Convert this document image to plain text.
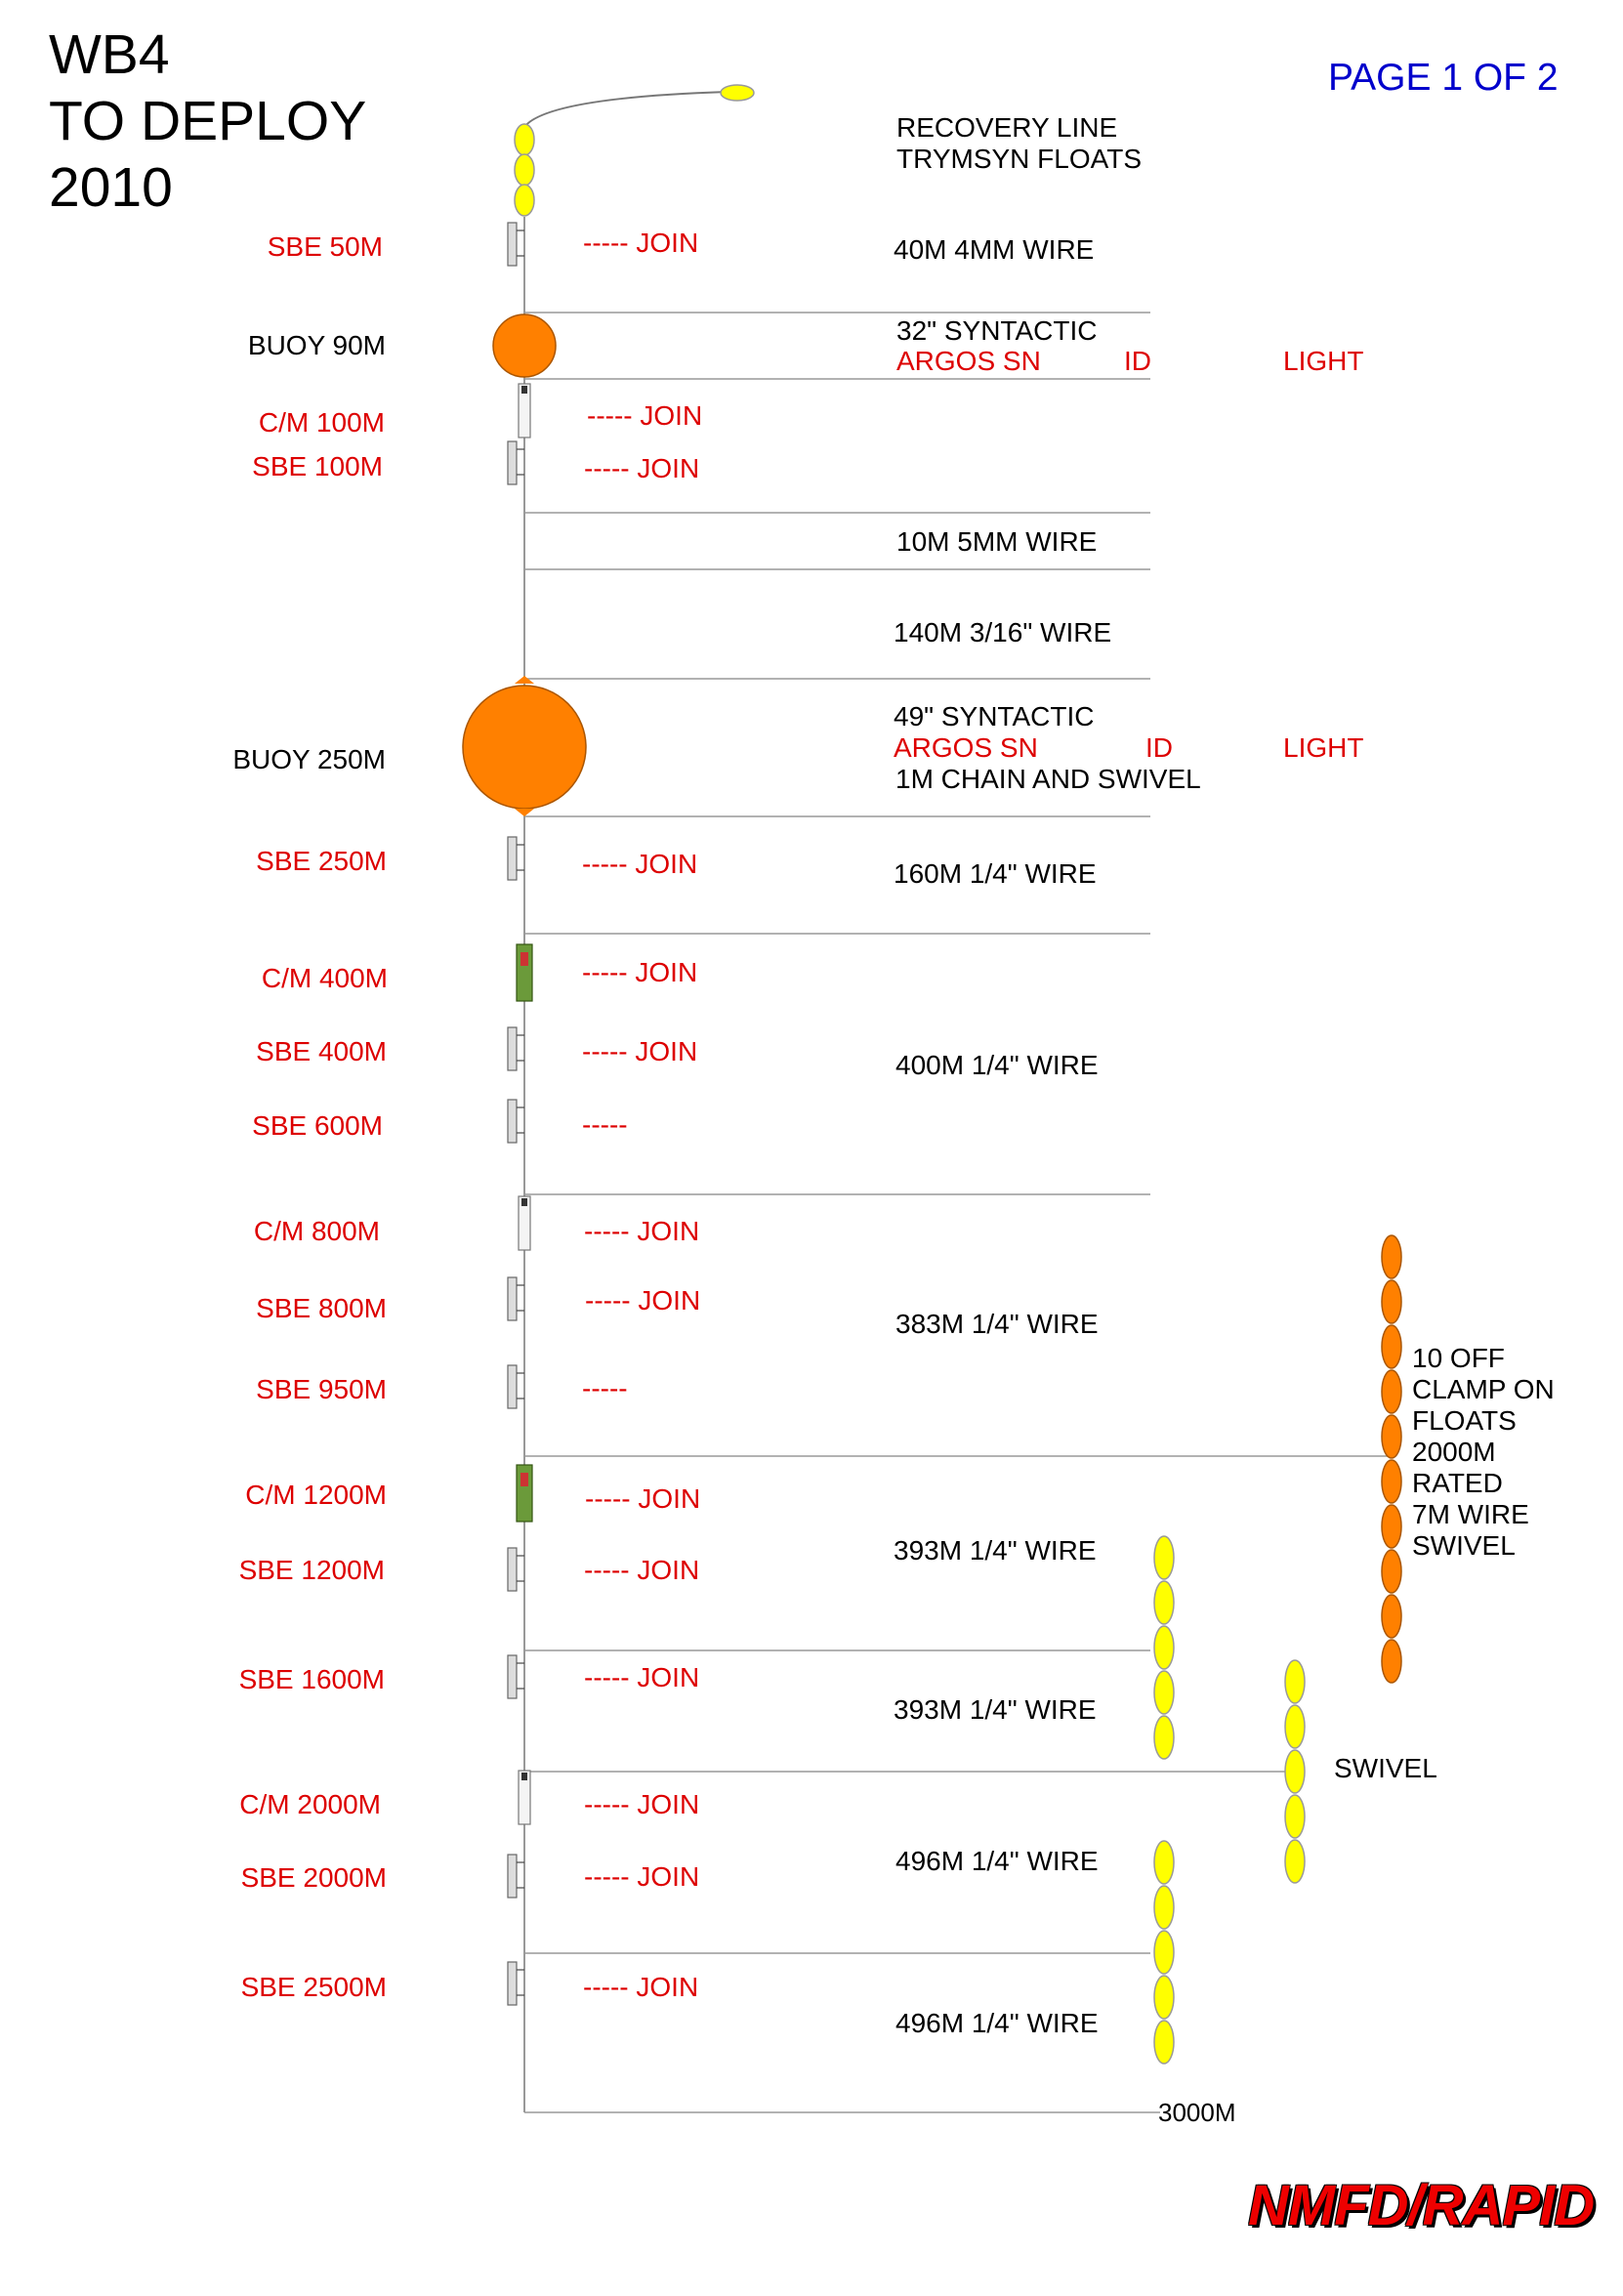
WB4
TO DEPLOY
2010
PAGE 1 OF 2
RECOVERY LINE
TRYMSYN FLOATS
SBE 50M
C/M 100M
SBE 100M
SBE 250M
C/M 400M
SBE 400M
SBE 600M
C/M 800M
SBE 800M
SBE 950M
C/M 1200M
SBE 1200M
SBE 1600M
C/M 2000M
SBE 2000M
SBE 2500M
----- JOIN
----- JOIN
----- JOIN
----- JOIN
----- JOIN
----- JOIN
-----
----- JOIN
----- JOIN
-----
----- JOIN
----- JOIN
----- JOIN
----- JOIN
----- JOIN
----- JOIN
BUOY 90M
BUOY 250M
32" SYNTACTIC
ARGOS SN	ID	LIGHT
49" SYNTACTIC
ARGOS SN	ID	LIGHT
1M CHAIN AND SWIVEL
40M 4MM WIRE
10M 5MM WIRE
140M 3/16" WIRE
160M 1/4" WIRE
400M 1/4" WIRE
383M 1/4" WIRE
393M 1/4" WIRE
393M 1/4" WIRE
496M 1/4" WIRE
496M 1/4" WIRE
10 OFF
CLAMP ON
FLOATS
2000M
RATED
7M WIRE
SWIVEL
SWIVEL
3000M
NMFD/RAPID
